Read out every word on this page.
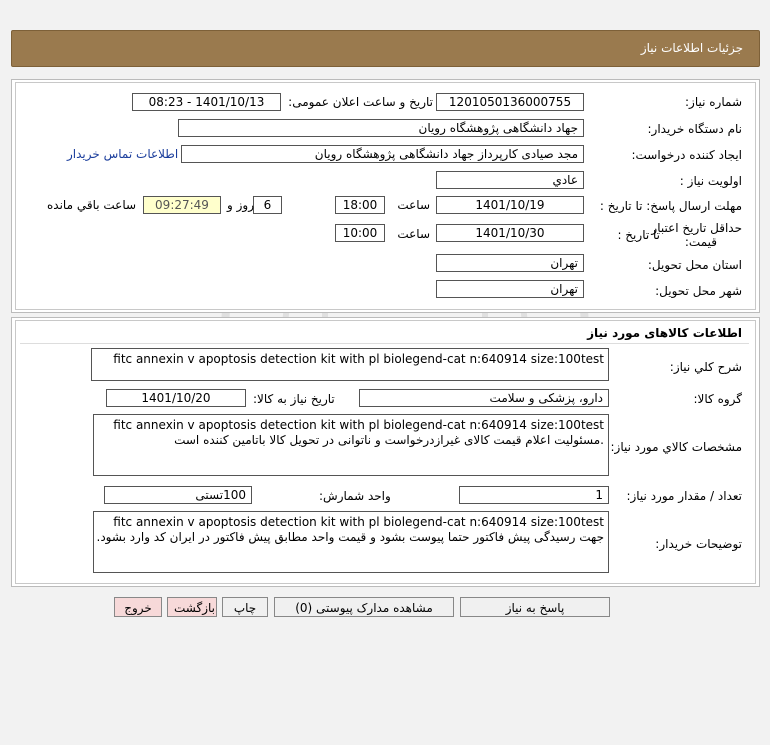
جزئیات اطلاعات نیاز
شماره نیاز:
1201050136000755
تاریخ و ساعت اعلان عمومی:
1401/10/13 - 08:23
نام دستگاه خریدار:
جهاد دانشگاهی پژوهشگاه رویان
ایجاد کننده درخواست:
مجد صیادی کارپرداز جهاد دانشگاهی پژوهشگاه رویان
اطلاعات تماس خریدار
اولویت نیاز :
عادي
مهلت ارسال پاسخ: تا تاریخ :
1401/10/19
ساعت
18:00
6
روز و
09:27:49
ساعت باقي مانده
حداقل تاریخ اعتبار
قیمت:
تا تاریخ :
1401/10/30
ساعت
10:00
استان محل تحویل:
تهران
شهر محل تحویل:
تهران
اطلاعات کالاهای مورد نیاز
شرح کلي نیاز:
fitc annexin v apoptosis detection kit with pl biolegend-cat n:640914 size:100test
گروه کالا:
دارو، پزشکی و سلامت
تاریخ نیاز به کالا:
1401/10/20
مشخصات کالاي مورد نیاز:
fitc annexin v apoptosis detection kit with pl biolegend-cat n:640914 size:100test
.مسئولیت اعلام قیمت کالای غیرازدرخواست و ناتوانی در تحویل کالا باتامین کننده است
تعداد / مقدار مورد نیاز:
1
واحد شمارش:
100تستی
توضیحات خریدار:
fitc annexin v apoptosis detection kit with pl biolegend-cat n:640914 size:100test
جهت رسیدگی پیش فاکتور حتما پیوست بشود و قیمت واحد مطابق پیش فاکتور در ایران کد وارد بشود.
پاسخ به نیاز
مشاهده مدارک پیوستی (0)
چاپ
بازگشت
خروج
